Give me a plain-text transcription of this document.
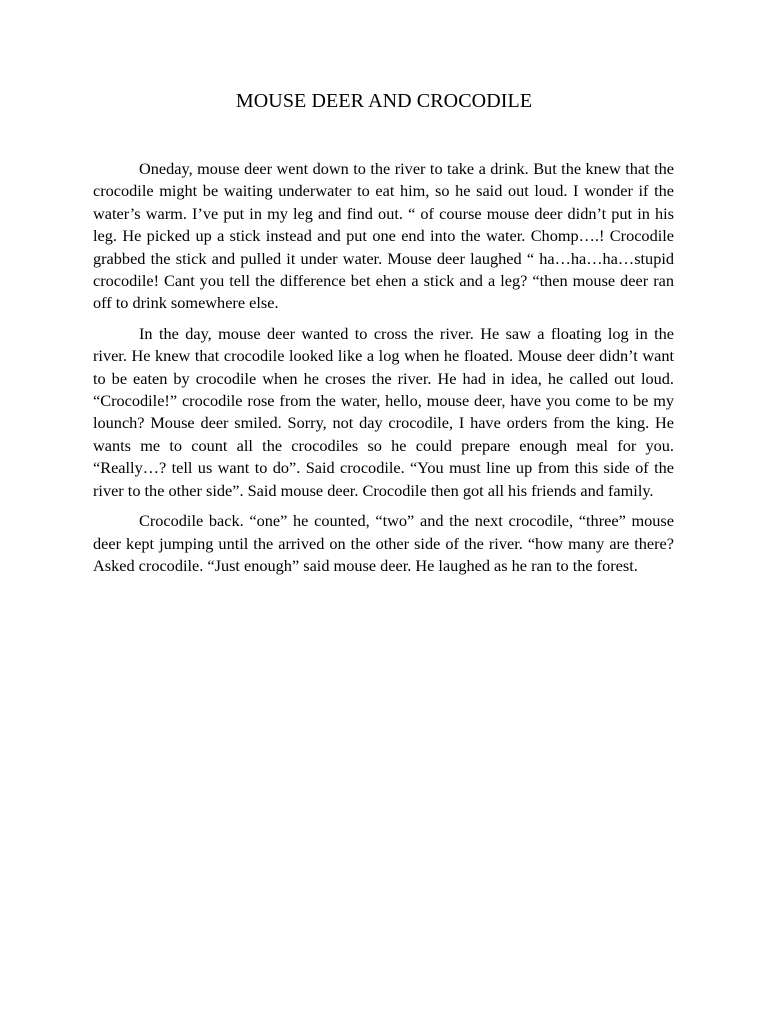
MOUSE DEER AND CROCODILE

Oneday, mouse deer went down to the river to take a drink. But the knew that the crocodile might be waiting underwater to eat him, so he said out loud. I wonder if the water’s warm. I’ve put in my leg and find out. “ of course mouse deer didn’t put in his leg. He picked up a stick instead and put one end into the water. Chomp….! Crocodile grabbed the stick and pulled it under water. Mouse deer laughed “ ha…ha…ha…stupid crocodile! Cant you tell the difference bet ehen a stick and a leg? “then mouse deer ran off to drink somewhere else.

In the day, mouse deer wanted to cross the river. He saw a floating log in the river. He knew that crocodile looked like a log when he floated. Mouse deer didn’t want to be eaten by crocodile when he croses the river. He had in idea, he called out loud. “Crocodile!” crocodile rose from the water, hello, mouse deer, have you come to be my lounch? Mouse deer smiled. Sorry, not day crocodile, I have orders from the king. He wants me to count all the crocodiles so he could prepare enough meal for you. “Really…? tell us want to do”. Said crocodile. “You must line up from this side of the river to the other side”. Said mouse deer. Crocodile then got all his friends and family.

Crocodile back. “one” he counted, “two” and the next crocodile, “three” mouse deer kept jumping until the arrived on the other side of the river. “how many are there? Asked crocodile. “Just enough” said mouse deer. He laughed as he ran to the forest.
